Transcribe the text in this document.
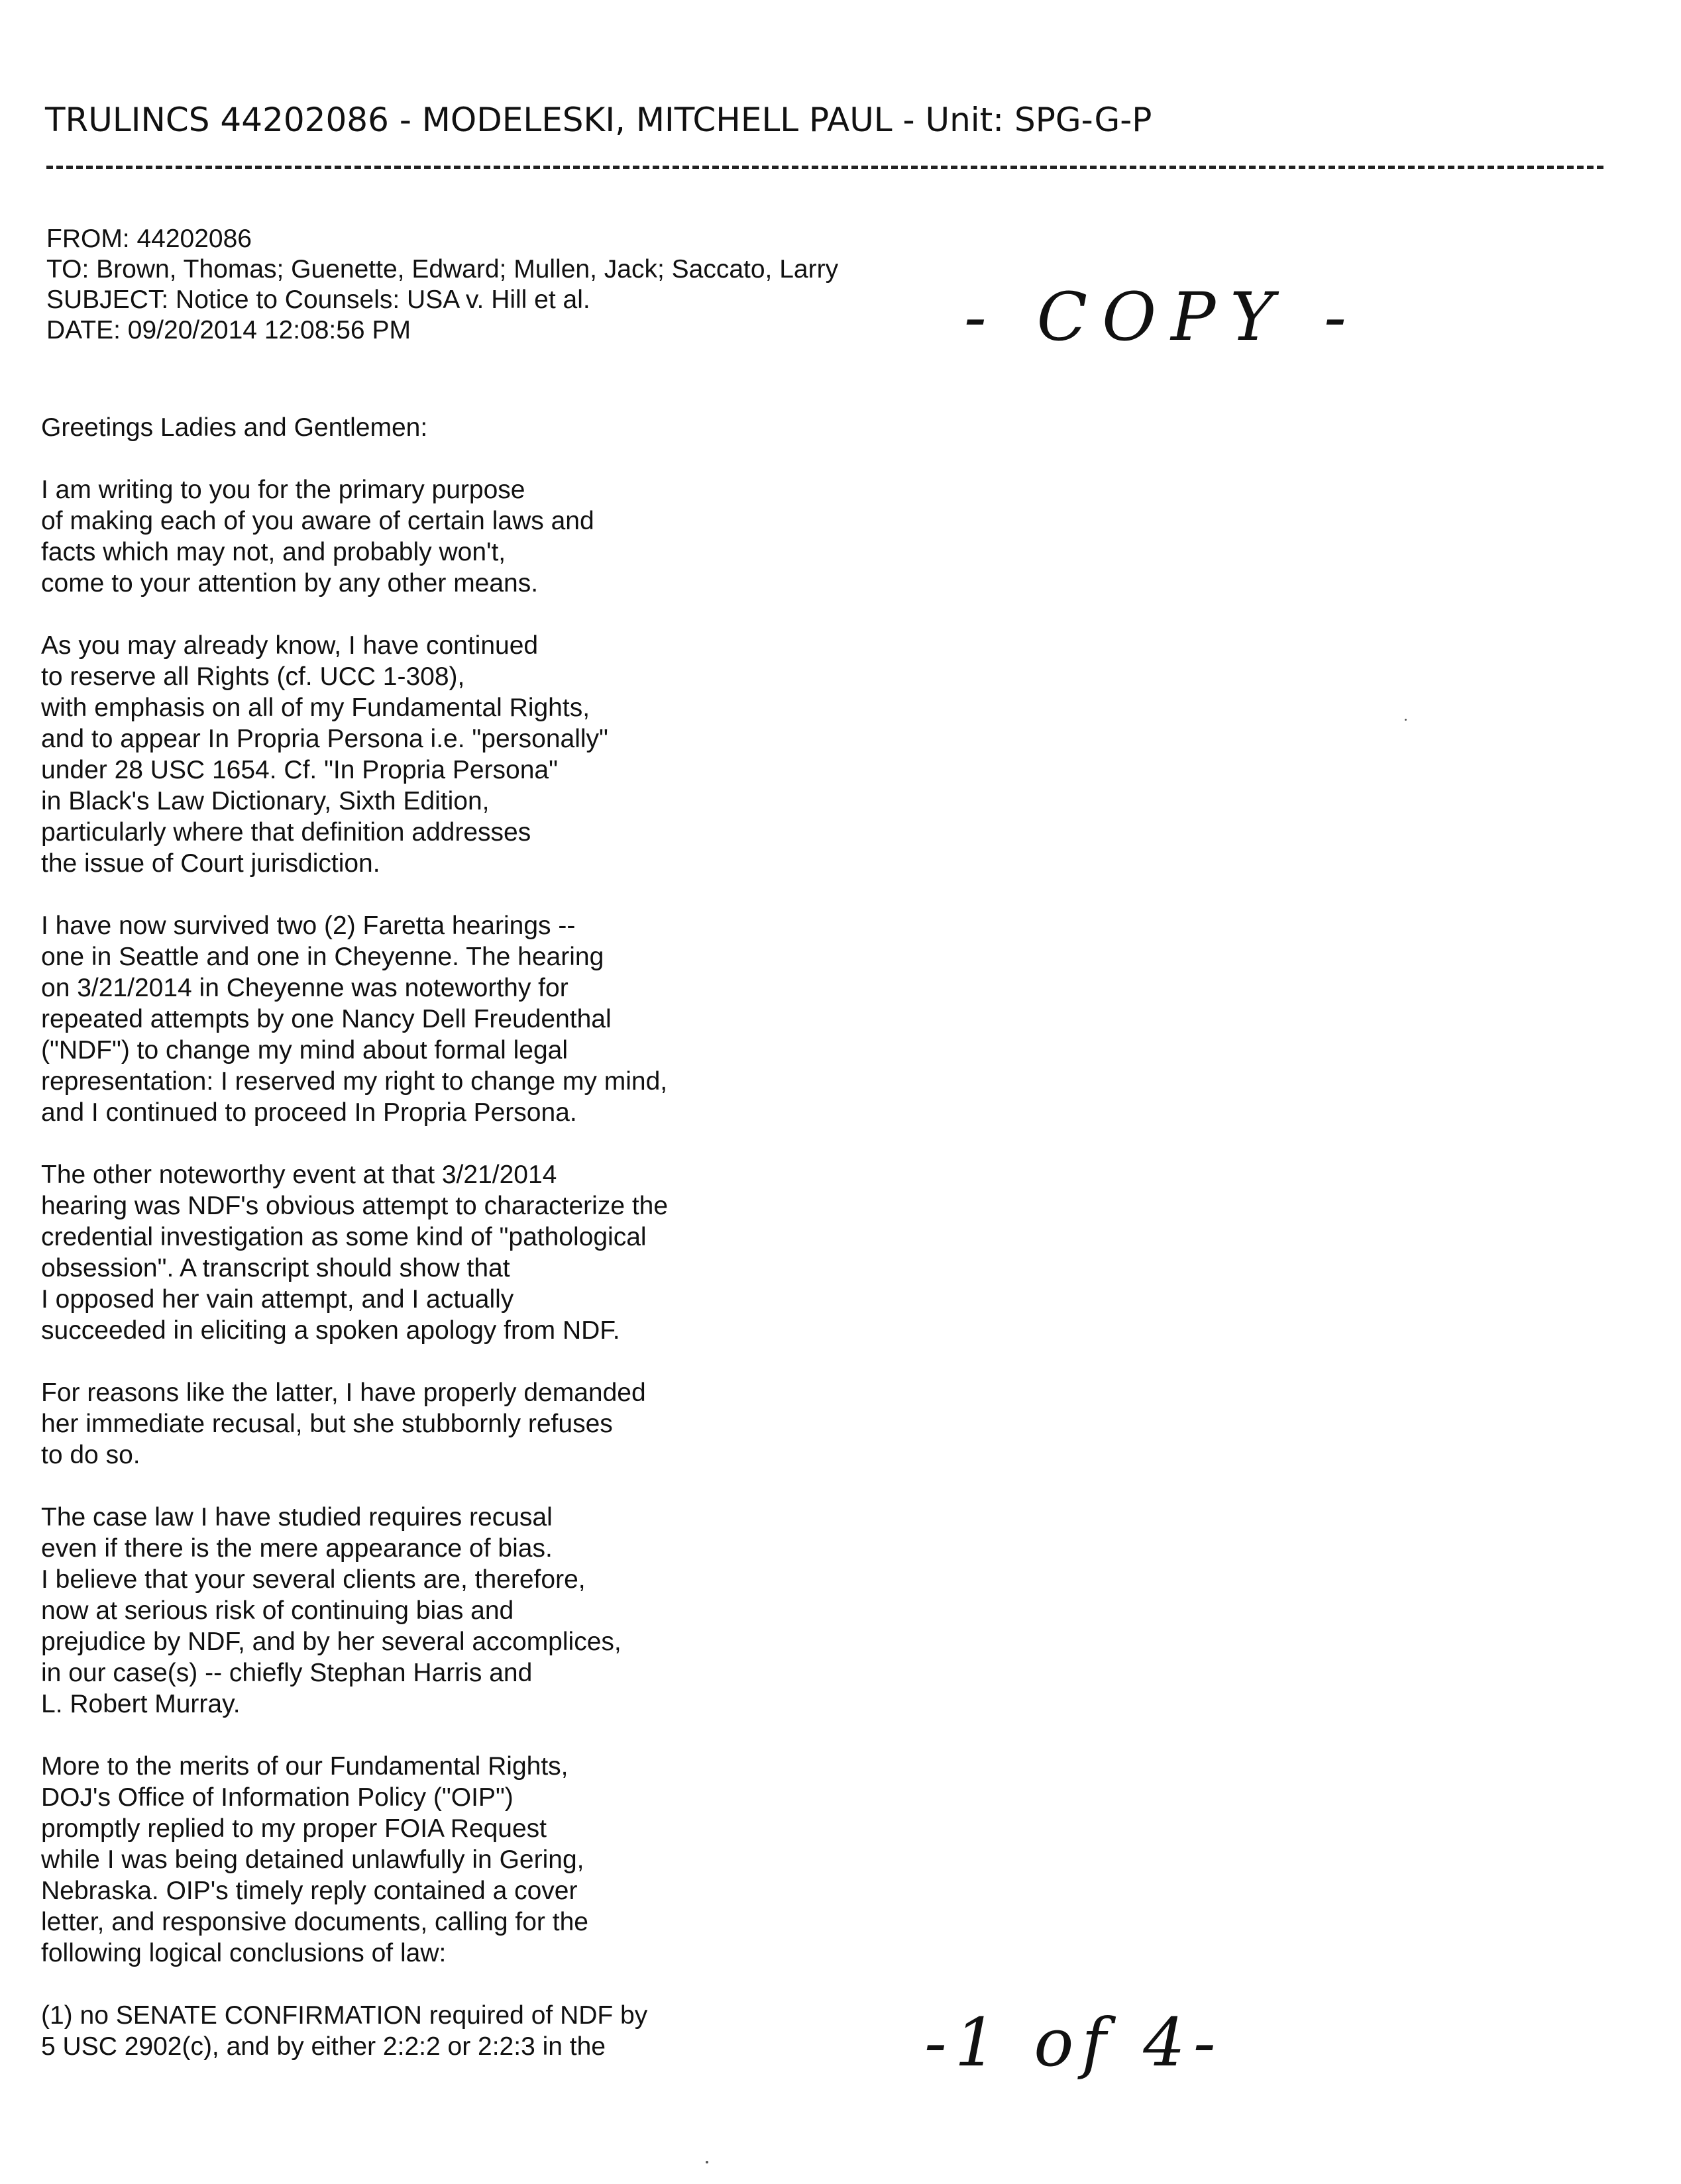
TRULINCS 44202086 - MODELESKI, MITCHELL PAUL - Unit: SPG-G-P
FROM: 44202086
TO: Brown, Thomas; Guenette, Edward; Mullen, Jack; Saccato, Larry
SUBJECT: Notice to Counsels: USA v. Hill et al.
DATE: 09/20/2014 12:08:56 PM	- COPY -
Greetings Ladies and Gentlemen:
I am writing to you for the primary purpose
of making each of you aware of certain laws and
facts which may not, and probably won't,
come to your attention by any other means.
As you may already know, I have continued
to reserve all Rights (cf. UCC 1-308),
with emphasis on all of my Fundamental Rights,
and to appear In Propria Persona i.e. "personally"
under 28 USC 1654. Cf. "In Propria Persona"
in Black's Law Dictionary, Sixth Edition,
particularly where that definition addresses
the issue of Court jurisdiction.
I have now survived two (2) Faretta hearings --
one in Seattle and one in Cheyenne. The hearing
on 3/21/2014 in Cheyenne was noteworthy for
repeated attempts by one Nancy Dell Freudenthal
("NDF") to change my mind about formal legal
representation: I reserved my right to change my mind,
and I continued to proceed In Propria Persona.
The other noteworthy event at that 3/21/2014
hearing was NDF's obvious attempt to characterize the
credential investigation as some kind of "pathological
obsession". A transcript should show that
I opposed her vain attempt, and I actually
succeeded in eliciting a spoken apology from NDF.
For reasons like the latter, I have properly demanded
her immediate recusal, but she stubbornly refuses
to do so.
The case law I have studied requires recusal
even if there is the mere appearance of bias.
I believe that your several clients are, therefore,
now at serious risk of continuing bias and
prejudice by NDF, and by her several accomplices,
in our case(s) -- chiefly Stephan Harris and
L. Robert Murray.
More to the merits of our Fundamental Rights,
DOJ's Office of Information Policy ("OIP")
promptly replied to my proper FOIA Request
while I was being detained unlawfully in Gering,
Nebraska. OIP's timely reply contained a cover
letter, and responsive documents, calling for the
following logical conclusions of law:
(1) no SENATE CONFIRMATION required of NDF by
5 USC 2902(c), and by either 2:2:2 or 2:2:3 in the	-1 of 4-
